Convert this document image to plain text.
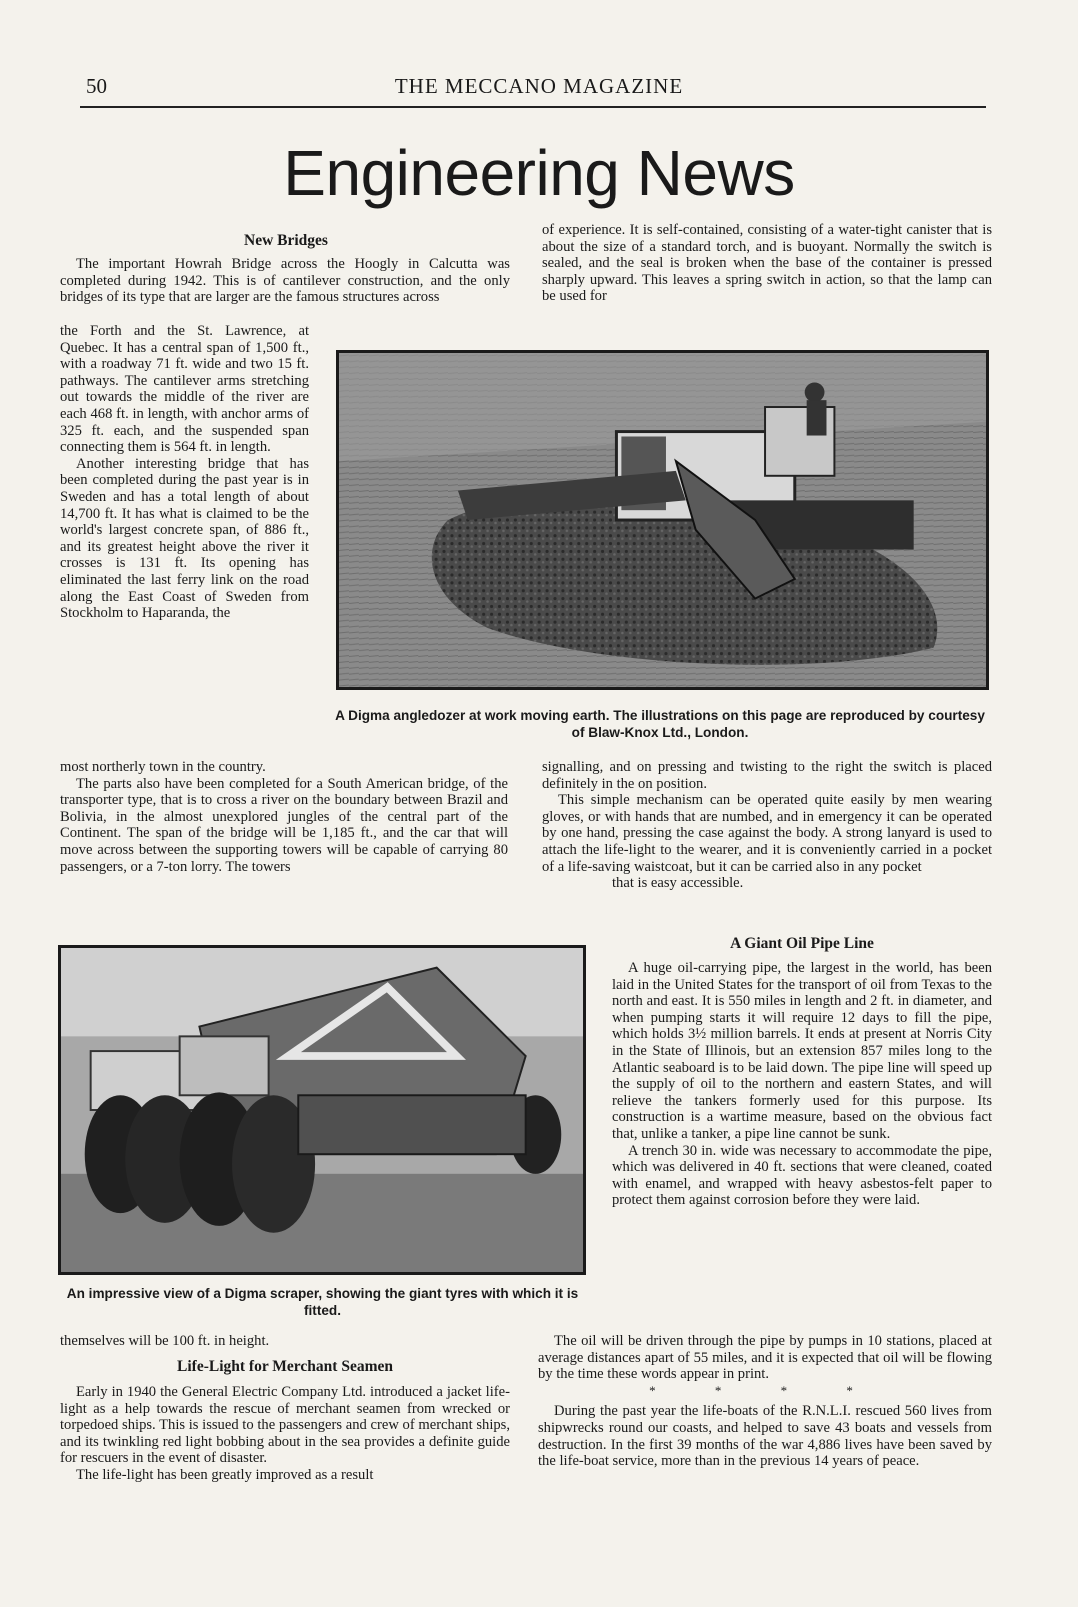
50	THE MECCANO MAGAZINE
Engineering News
New Bridges

The important Howrah Bridge across the Hoogly in Calcutta was completed during 1942. This is of cantilever construction, and the only bridges of its type that are larger are the famous structures across

the Forth and the St. Lawrence, at Quebec. It has a central span of 1,500 ft., with a roadway 71 ft. wide and two 15 ft. pathways. The cantilever arms stretching out towards the middle of the river are each 468 ft. in length, with anchor arms of 325 ft. each, and the suspended span connecting them is 564 ft. in length.

Another interesting bridge that has been completed during the past year is in Sweden and has a total length of about 14,700 ft. It has what is claimed to be the world's largest concrete span, of 886 ft., and its greatest height above the river it crosses is 131 ft. Its opening has eliminated the last ferry link on the road along the East Coast of Sweden from Stockholm to Haparanda, the

most northerly town in the country.

The parts also have been completed for a South American bridge, of the transporter type, that is to cross a river on the boundary between Brazil and Bolivia, in the almost unexplored jungles of the central part of the Continent. The span of the bridge will be 1,185 ft., and the car that will move across between the supporting towers will be capable of carrying 80 passengers, or a 7-ton lorry. The towers

A Digma angledozer at work moving earth. The illustrations on this page are reproduced by courtesy of Blaw-Knox Ltd., London.
An impressive view of a Digma scraper, showing the giant tyres with which it is fitted.

themselves will be 100 ft. in height.

Life-Light for Merchant Seamen

Early in 1940 the General Electric Company Ltd. introduced a jacket life-light as a help towards the rescue of merchant seamen from wrecked or torpedoed ships. This is issued to the passengers and crew of merchant ships, and its twinkling red light bobbing about in the sea provides a definite guide for rescuers in the event of disaster.

The life-light has been greatly improved as a result

of experience. It is self-contained, consisting of a water-tight canister that is about the size of a standard torch, and is buoyant. Normally the switch is sealed, and the seal is broken when the base of the container is pressed sharply upward. This leaves a spring switch in action, so that the lamp can be used for

signalling, and on pressing and twisting to the right the switch is placed definitely in the on position.

This simple mechanism can be operated quite easily by men wearing gloves, or with hands that are numbed, and in emergency it can be operated by one hand, pressing the case against the body. A strong lanyard is used to attach the life-light to the wearer, and it is conveniently carried in a pocket of a life-saving waistcoat, but it can be carried also in any pocket

that is easy accessible.

A Giant Oil Pipe Line

A huge oil-carrying pipe, the largest in the world, has been laid in the United States for the transport of oil from Texas to the north and east. It is 550 miles in length and 2 ft. in diameter, and when pumping starts it will require 12 days to fill the pipe, which holds 3½ million barrels. It ends at present at Norris City in the State of Illinois, but an extension 857 miles long to the Atlantic seaboard is to be laid down. The pipe line will speed up the supply of oil to the northern and eastern States, and will relieve the tankers formerly used for this purpose. Its construction is a wartime measure, based on the obvious fact that, unlike a tanker, a pipe line cannot be sunk.

A trench 30 in. wide was necessary to accommodate the pipe, which was delivered in 40 ft. sections that were cleaned, coated with enamel, and wrapped with heavy asbestos-felt paper to protect them against corrosion before they were laid.

The oil will be driven through the pipe by pumps in 10 stations, placed at average distances apart of 55 miles, and it is expected that oil will be flowing by the time these words appear in print.

* * * *

During the past year the life-boats of the R.N.L.I. rescued 560 lives from shipwrecks round our coasts, and helped to save 43 boats and vessels from destruction. In the first 39 months of the war 4,886 lives have been saved by the life-boat service, more than in the previous 14 years of peace.
